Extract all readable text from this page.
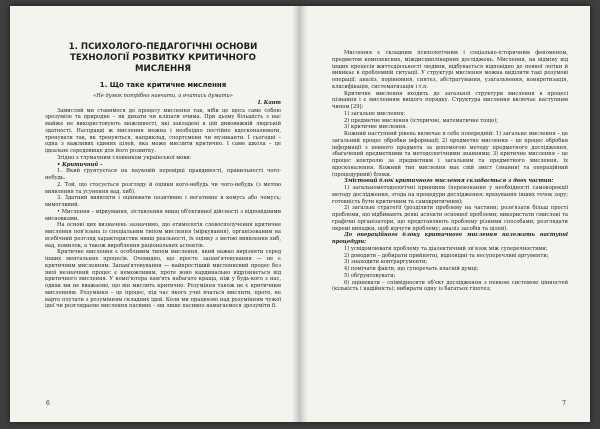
1. ПСИХОЛОГО-ПЕДАГОГІЧНІ ОСНОВИ ТЕХНОЛОГІЇ РОЗВИТКУ КРИТИЧНОГО МИСЛЕННЯ
1. Що таке критичне мислення
«Не думок потрібно навчати, а вчитись думати»
І. Кант

Замисляй ми ставимося до процесу мислення так, ніби це щось саме собою зрозуміле та природне – як дихати чи кліпати очима. При цьому більшість з нас майже не використовують можливості, які закладені в цій дивовижній людській здатності. Насправді ж мислення можна і необхідно постійно вдосконалювати, тренувати так, як тренуються, наприклад, спортсмени чи музиканти. І сьогодні – одна з важливих єдиних цілей, яка може мислити критично. І саме школа – це ідеальне середовище для його розвитку.

Згідно з тлумачним словником української мови:

• Критичний –

1. Який ґрунтується на науковій перевірці правдивості, правильності чого-небудь.

2. Той, що стосується розгляду й оцінки кого-небудь чи чого-небудь (з метою виявлення та усунення вад, хиб).

3. Здатний виявляти і оцінювати позитивне і негативне в комусь або чомусь; вимогливий.

• Мислення – міркування, зіставлення явищ об'єктивної дійсності з відповідними висновками.

На основі цих визначень зазначимо, що етимологія словосполучення критичне мислення пов'язана із спеціальним типом мислення (міркування), організованим на всебічний розгляд характеристик явищ реальності, їх оцінку з метою виявлення хиб, вад, помилок, а також вироблення раціональних аспектів.

Критичне мислення є особливим типом мислення, який важко вирізняти серед інших ментальних процесів. Очевидно, що просте запам'ятовування — не є критичним мисленням. Запам'ятовування — найпростіший мисленнєвий процес без якої незначний процес є неможливим, проте воно кардинально відрізняється від критичного мислення. У комп'ютера пам'ять набагато краща, ніж у будь-кого з нас, однак ми не вважаємо, що він мислить критично. Розуміння також не є критичним мисленням. Розуміння – це процес, під час якого учні вчаться мислити, проте, не варто плутати з розумінням складних ідей. Коли ми працюємо над розумінням чужої ідеї чи розглядаємо мислення пасивне – ми лише пасивно намагаємося зрозуміти її.

6

Мислення є складним психологічним і соціально-історичним феноменом, предметом комплексних, міждисциплінарних досліджень. Мислення, на відміну від інших процесів життєдіяльності людини, відбувається відповідно до певної логіки й виникає в проблемній ситуації. У структурі мислення можна виділити такі розумові операції: аналіз, порівняння, синтез, абстрагування, узагальнення, конкретизація, класифікація, систематизація і т.п.

Критичне мислення входить до загальної структури мислення в процесі пізнання і є мисленням вищого порядку. Структура мислення включає наступним чином [29]:

1) загальне мислення;

2) предметне мислення (історичне, математичне тощо);

3) критичне мислення.

Кожний наступний рівень включає в себе попередній: 1) загальне мислення – це загальний процес обробки інформації; 2) предметне мислення – це процес обробки інформації з певного предмета за допомогою методу предметного дослідження, збагачений предметними та методологічними знаннями; 3) критичне мислення – це процес контролю за предметним і загальним та предметного мислення, їх вдосконалення. Кожний тип мислення має свій зміст (знання) та операційний (процедурний) блоки.

Змістовий блок критичного мислення складається з двох частин:

1) загальнометодологічні принципи (переконання у необхідності самокорекції методу дослідження, згода на процедури дослідження; врахування інших точок зору; готовність бути критичним та самокритичним);

2) загальні стратегії (розділити проблему на частини; розв'язати більш прості проблеми, що відбивають деякі аспекти основної проблеми; використати смислові та графічні організатори, що представляють проблему різними способами; розглядати окремі випадки, щоб відчути проблему; аналіз засобів та цілей).

До операційного блоку критичного мислення належать наступні процедури:

1) усвідомлювати проблему та діалектичний зв'язок між суперечностями;

2) доводити – добирати прийнятні, відповідні та несуперечливі аргументи;

3) знаходити контраргументи;

4) помічати факти, що суперечать власній думці;

5) обґрунтовувати;

6) оцінювати – співвідносити об'єкт дослідження з певною системою цінностей (кількість і надійність); вибирати одну із багатьох гіпотез;

7
